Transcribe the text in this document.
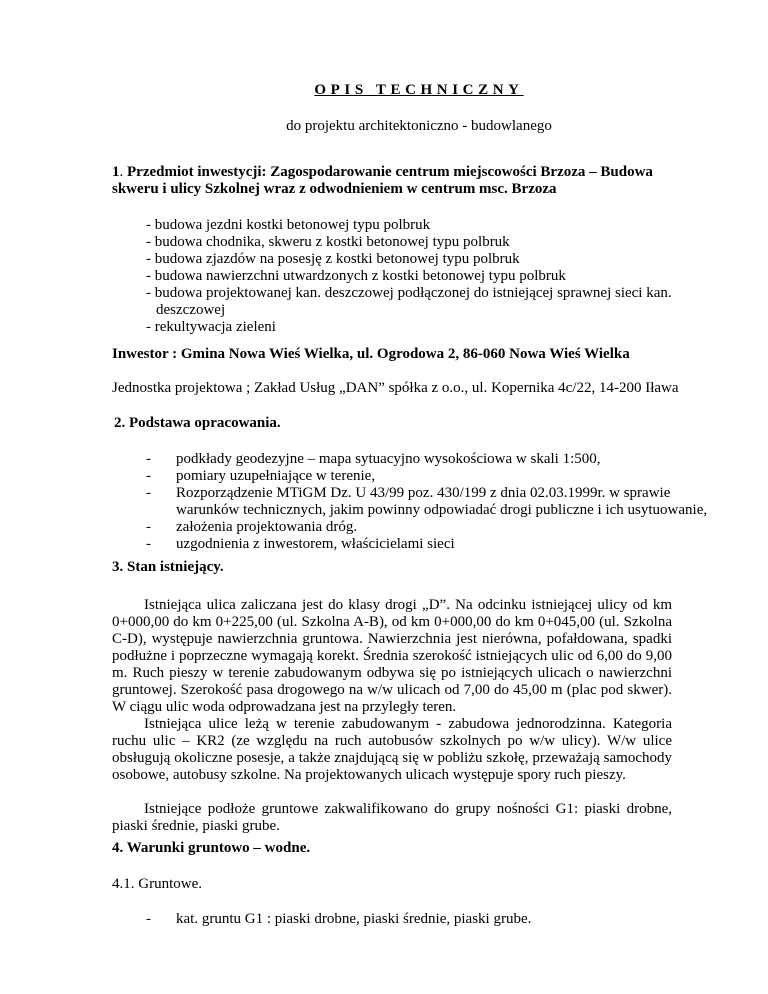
OPIS TECHNICZNY
do projektu architektoniczno - budowlanego
1. Przedmiot inwestycji: Zagospodarowanie centrum miejscowości Brzoza – Budowa skweru i ulicy Szkolnej wraz z odwodnieniem w centrum msc. Brzoza
- budowa jezdni kostki betonowej typu polbruk
- budowa chodnika, skweru z kostki betonowej typu polbruk
- budowa zjazdów na posesję z kostki betonowej typu polbruk
- budowa nawierzchni utwardzonych z kostki betonowej typu polbruk
- budowa projektowanej kan. deszczowej podłączonej do istniejącej sprawnej sieci kan.
deszczowej
- rekultywacja zieleni
Inwestor : Gmina Nowa Wieś Wielka, ul. Ogrodowa 2, 86-060 Nowa Wieś Wielka
Jednostka projektowa ; Zakład Usług „DAN” spółka z o.o., ul. Kopernika 4c/22, 14-200 Iława
2. Podstawa opracowania.
- podkłady geodezyjne – mapa sytuacyjno wysokościowa w skali 1:500,
- pomiary uzupełniające w terenie,
- Rozporządzenie MTiGM Dz. U 43/99 poz. 430/199 z dnia 02.03.1999r. w sprawie
warunków technicznych, jakim powinny odpowiadać drogi publiczne i ich usytuowanie,
- założenia projektowania dróg.
- uzgodnienia z inwestorem, właścicielami sieci
3. Stan istniejący.
Istniejąca ulica zaliczana jest do klasy drogi „D”. Na odcinku istniejącej ulicy od km 0+000,00 do km 0+225,00 (ul. Szkolna A-B), od km 0+000,00 do km 0+045,00 (ul. Szkolna C-D), występuje nawierzchnia gruntowa. Nawierzchnia jest nierówna, pofałdowana, spadki podłużne i poprzeczne wymagają korekt. Średnia szerokość istniejących ulic od 6,00 do 9,00 m. Ruch pieszy w terenie zabudowanym odbywa się po istniejących ulicach o nawierzchni gruntowej. Szerokość pasa drogowego na w/w ulicach od 7,00 do 45,00 m (plac pod skwer). W ciągu ulic woda odprowadzana jest na przyległy teren.
Istniejąca ulice leżą w terenie zabudowanym - zabudowa jednorodzinna. Kategoria ruchu ulic – KR2 (ze względu na ruch autobusów szkolnych po w/w ulicy). W/w ulice obsługują okoliczne posesje, a także znajdującą się w pobliżu szkołę, przeważają samochody osobowe, autobusy szkolne. Na projektowanych ulicach występuje spory ruch pieszy.
Istniejące podłoże gruntowe zakwalifikowano do grupy nośności G1: piaski drobne, piaski średnie, piaski grube.
4. Warunki gruntowo – wodne.
4.1. Gruntowe.
- kat. gruntu G1 : piaski drobne, piaski średnie, piaski grube.
